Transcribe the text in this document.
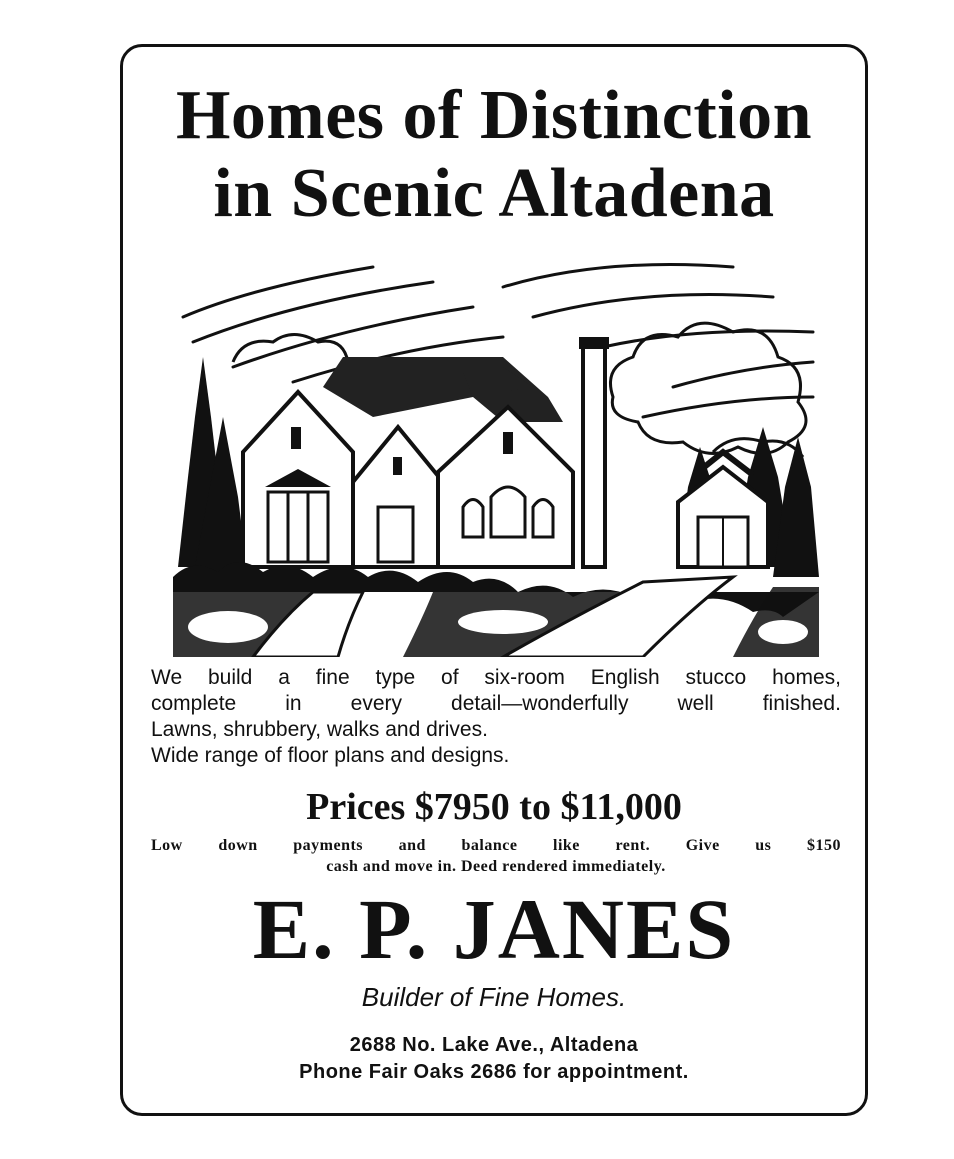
Homes of Distinction
in Scenic Altadena
We build a fine type of six-room English stucco homes,
complete in every detail—wonderfully well finished.
Lawns, shrubbery, walks and drives.
Wide range of floor plans and designs.
Prices $7950 to $11,000
Low down payments and balance like rent. Give us $150
cash and move in. Deed rendered immediately.
E. P. JANES
Builder of Fine Homes.
2688 No. Lake Ave., Altadena
Phone Fair Oaks 2686 for appointment.
